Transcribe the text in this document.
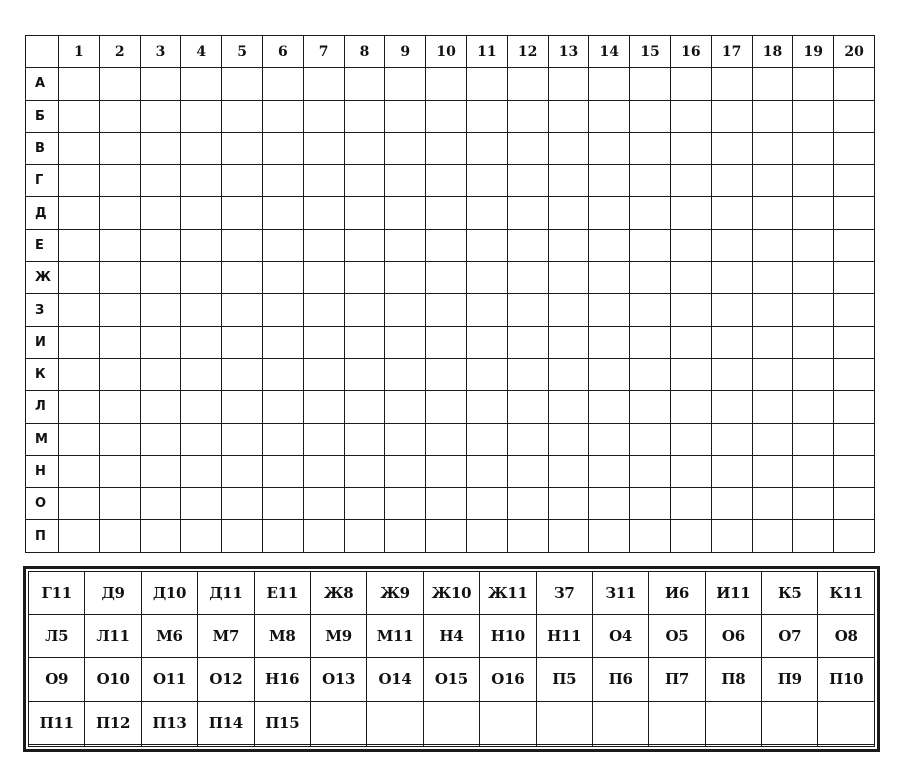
	1	2	3	4	5	6	7	8	9	10	11	12	13	14	15	16	17	18	19	20
А																				
Б																				
В																				
Г																				
Д																				
Е																				
Ж																				
З																				
И																				
К																				
Л																				
М																				
Н																				
О																				
П																				
Г11	Д9	Д10	Д11	Е11	Ж8	Ж9	Ж10	Ж11	З7	З11	И6	И11	К5	К11
Л5	Л11	М6	М7	М8	М9	М11	Н4	Н10	Н11	О4	О5	О6	О7	О8
О9	О10	О11	О12	Н16	О13	О14	О15	О16	П5	П6	П7	П8	П9	П10
П11	П12	П13	П14	П15										
